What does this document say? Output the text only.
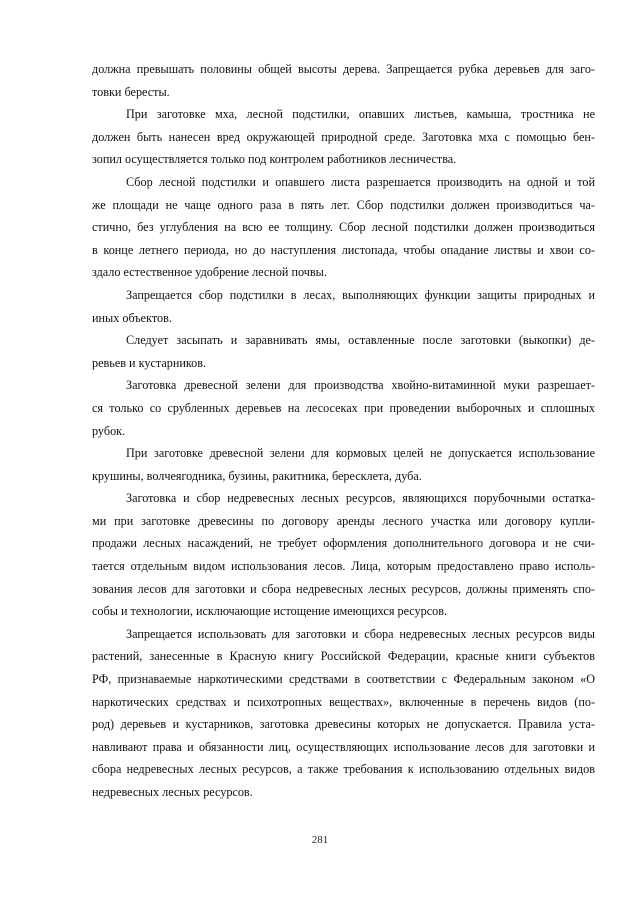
должна превышать половины общей высоты дерева. Запрещается рубка деревьев для заго-
товки бересты.
При заготовке мха, лесной подстилки, опавших листьев, камыша, тростника не
должен быть нанесен вред окружающей природной среде. Заготовка мха с помощью бен-
зопил осуществляется только под контролем работников лесничества.
Сбор лесной подстилки и опавшего листа разрешается производить на одной и той
же площади не чаще одного раза в пять лет. Сбор подстилки должен производиться ча-
стично, без углубления на всю ее толщину. Сбор лесной подстилки должен производиться
в конце летнего периода, но до наступления листопада, чтобы опадание листвы и хвои со-
здало естественное удобрение лесной почвы.
Запрещается сбор подстилки в лесах, выполняющих функции защиты природных и
иных объектов.
Следует засыпать и заравнивать ямы, оставленные после заготовки (выкопки) де-
ревьев и кустарников.
Заготовка древесной зелени для производства хвойно-витаминной муки разрешает-
ся только со срубленных деревьев на лесосеках при проведении выборочных и сплошных
рубок.
При заготовке древесной зелени для кормовых целей не допускается использование
крушины, волчеягодника, бузины, ракитника, бересклета, дуба.
Заготовка и сбор недревесных лесных ресурсов, являющихся порубочными остатка-
ми при заготовке древесины по договору аренды лесного участка или договору купли-
продажи лесных насаждений, не требует оформления дополнительного договора и не счи-
тается отдельным видом использования лесов. Лица, которым предоставлено право исполь-
зования лесов для заготовки и сбора недревесных лесных ресурсов, должны применять спо-
собы и технологии, исключающие истощение имеющихся ресурсов.
Запрещается использовать для заготовки и сбора недревесных лесных ресурсов виды
растений, занесенные в Красную книгу Российской Федерации, красные книги субъектов
РФ, признаваемые наркотическими средствами в соответствии с Федеральным законом «О
наркотических средствах и психотропных веществах», включенные в перечень видов (по-
род) деревьев и кустарников, заготовка древесины которых не допускается. Правила уста-
навливают права и обязанности лиц, осуществляющих использование лесов для заготовки и
сбора недревесных лесных ресурсов, а также требования к использованию отдельных видов
недревесных лесных ресурсов.
281
